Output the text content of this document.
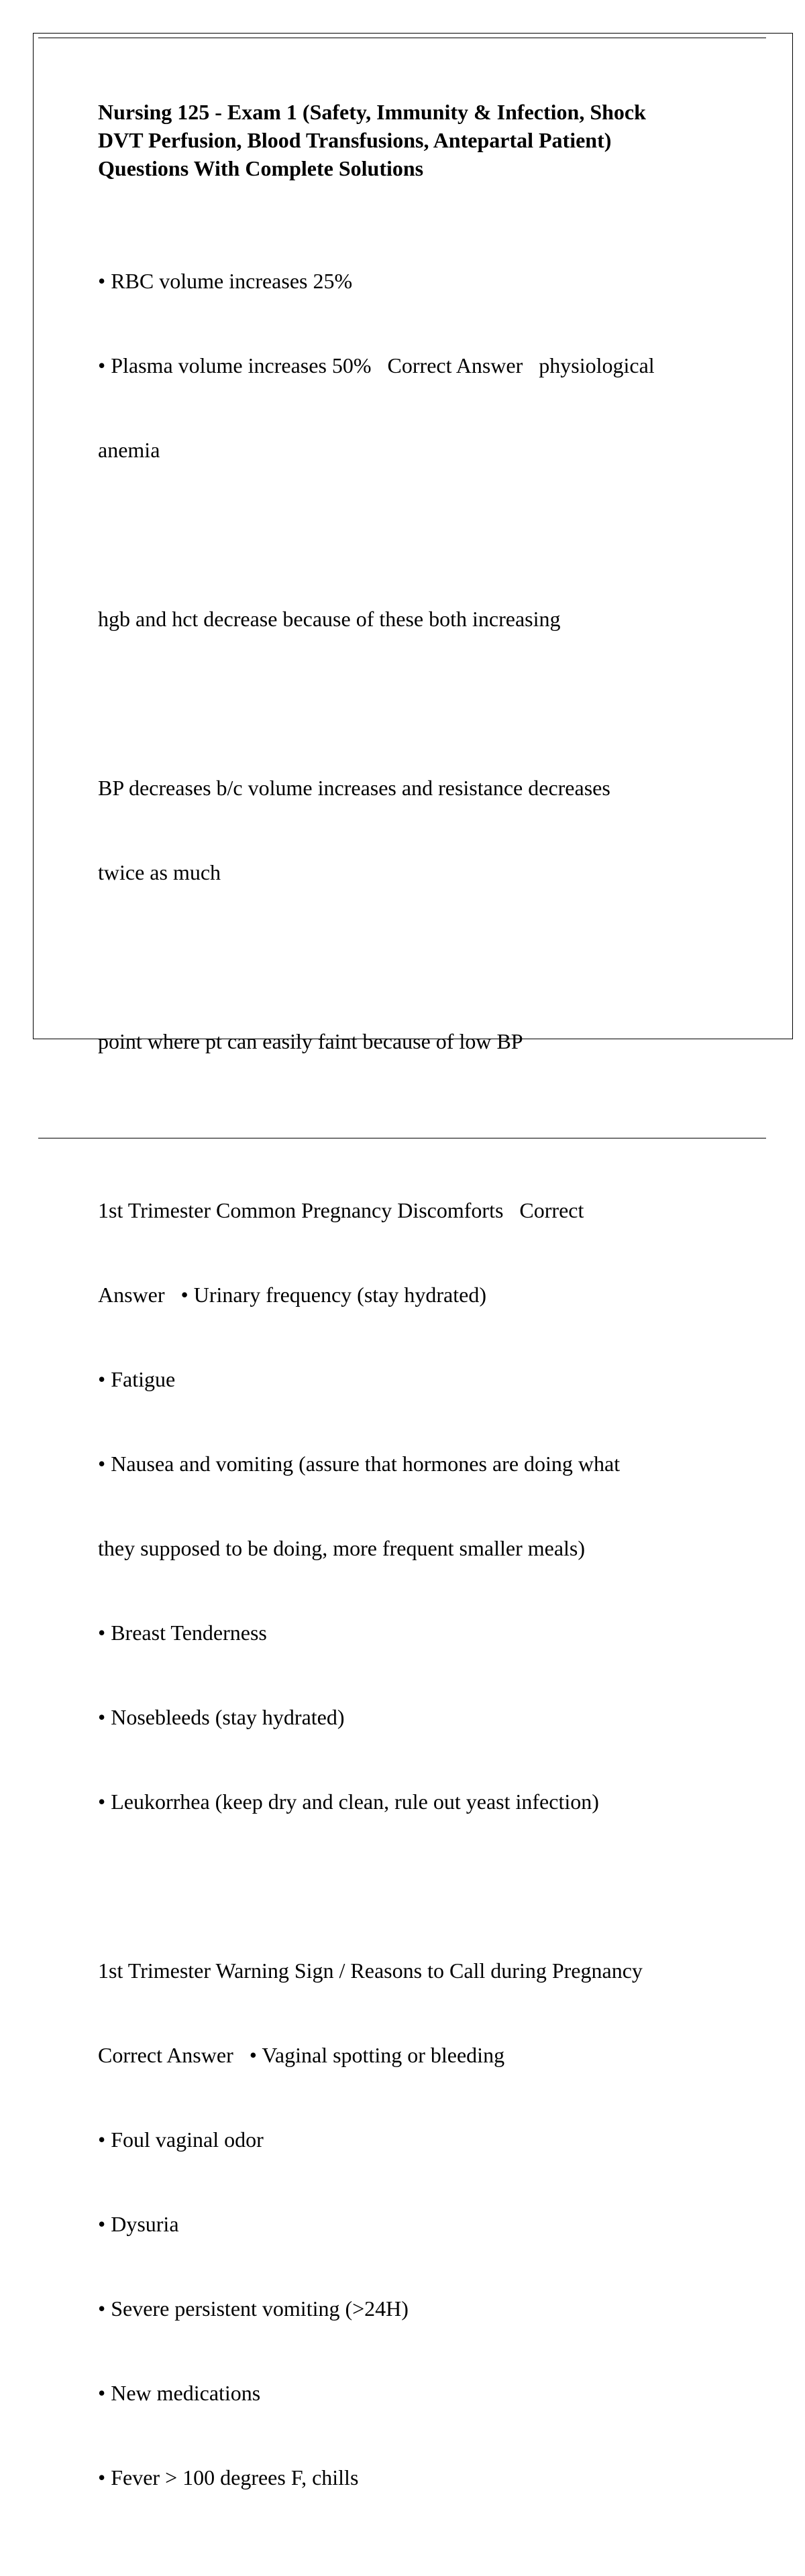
Nursing 125 - Exam 1 (Safety, Immunity & Infection, Shock
DVT Perfusion, Blood Transfusions, Antepartal Patient)
Questions With Complete Solutions

• RBC volume increases 25%

• Plasma volume increases 50%   Correct Answer   physiological

anemia

hgb and hct decrease because of these both increasing

BP decreases b/c volume increases and resistance decreases

twice as much

point where pt can easily faint because of low BP

1st Trimester Common Pregnancy Discomforts   Correct

Answer   • Urinary frequency (stay hydrated)

• Fatigue

• Nausea and vomiting (assure that hormones are doing what

they supposed to be doing, more frequent smaller meals)

• Breast Tenderness

• Nosebleeds (stay hydrated)

• Leukorrhea (keep dry and clean, rule out yeast infection)

1st Trimester Warning Sign / Reasons to Call during Pregnancy

Correct Answer   • Vaginal spotting or bleeding

• Foul vaginal odor

• Dysuria

• Severe persistent vomiting (>24H)

• New medications

• Fever > 100 degrees F, chills
